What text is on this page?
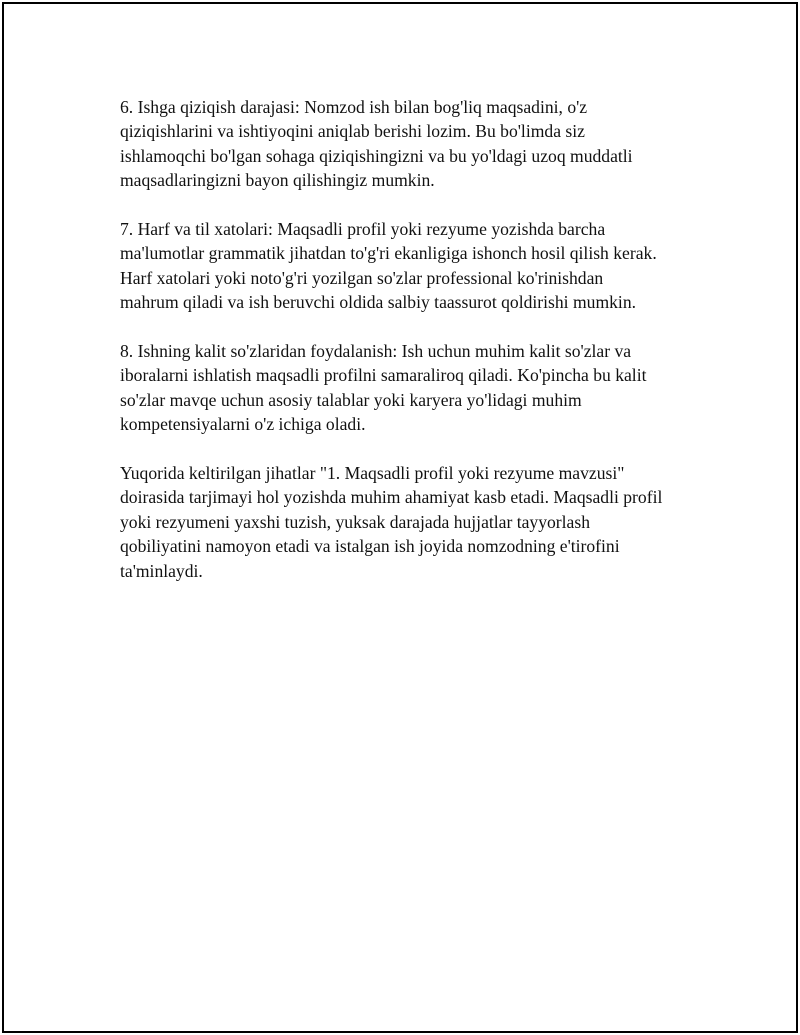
6. Ishga qiziqish darajasi: Nomzod ish bilan bog'liq maqsadini, o'z
qiziqishlarini va ishtiyoqini aniqlab berishi lozim. Bu bo'limda siz
ishlamoqchi bo'lgan sohaga qiziqishingizni va bu yo'ldagi uzoq muddatli
maqsadlaringizni bayon qilishingiz mumkin.

7. Harf va til xatolari: Maqsadli profil yoki rezyume yozishda barcha
ma'lumotlar grammatik jihatdan to'g'ri ekanligiga ishonch hosil qilish kerak.
Harf xatolari yoki noto'g'ri yozilgan so'zlar professional ko'rinishdan
mahrum qiladi va ish beruvchi oldida salbiy taassurot qoldirishi mumkin.

8. Ishning kalit so'zlaridan foydalanish: Ish uchun muhim kalit so'zlar va
iboralarni ishlatish maqsadli profilni samaraliroq qiladi. Ko'pincha bu kalit
so'zlar mavqe uchun asosiy talablar yoki karyera yo'lidagi muhim
kompetensiyalarni o'z ichiga oladi.

Yuqorida keltirilgan jihatlar "1. Maqsadli profil yoki rezyume mavzusi"
doirasida tarjimayi hol yozishda muhim ahamiyat kasb etadi. Maqsadli profil
yoki rezyumeni yaxshi tuzish, yuksak darajada hujjatlar tayyorlash
qobiliyatini namoyon etadi va istalgan ish joyida nomzodning e'tirofini
ta'minlaydi.
